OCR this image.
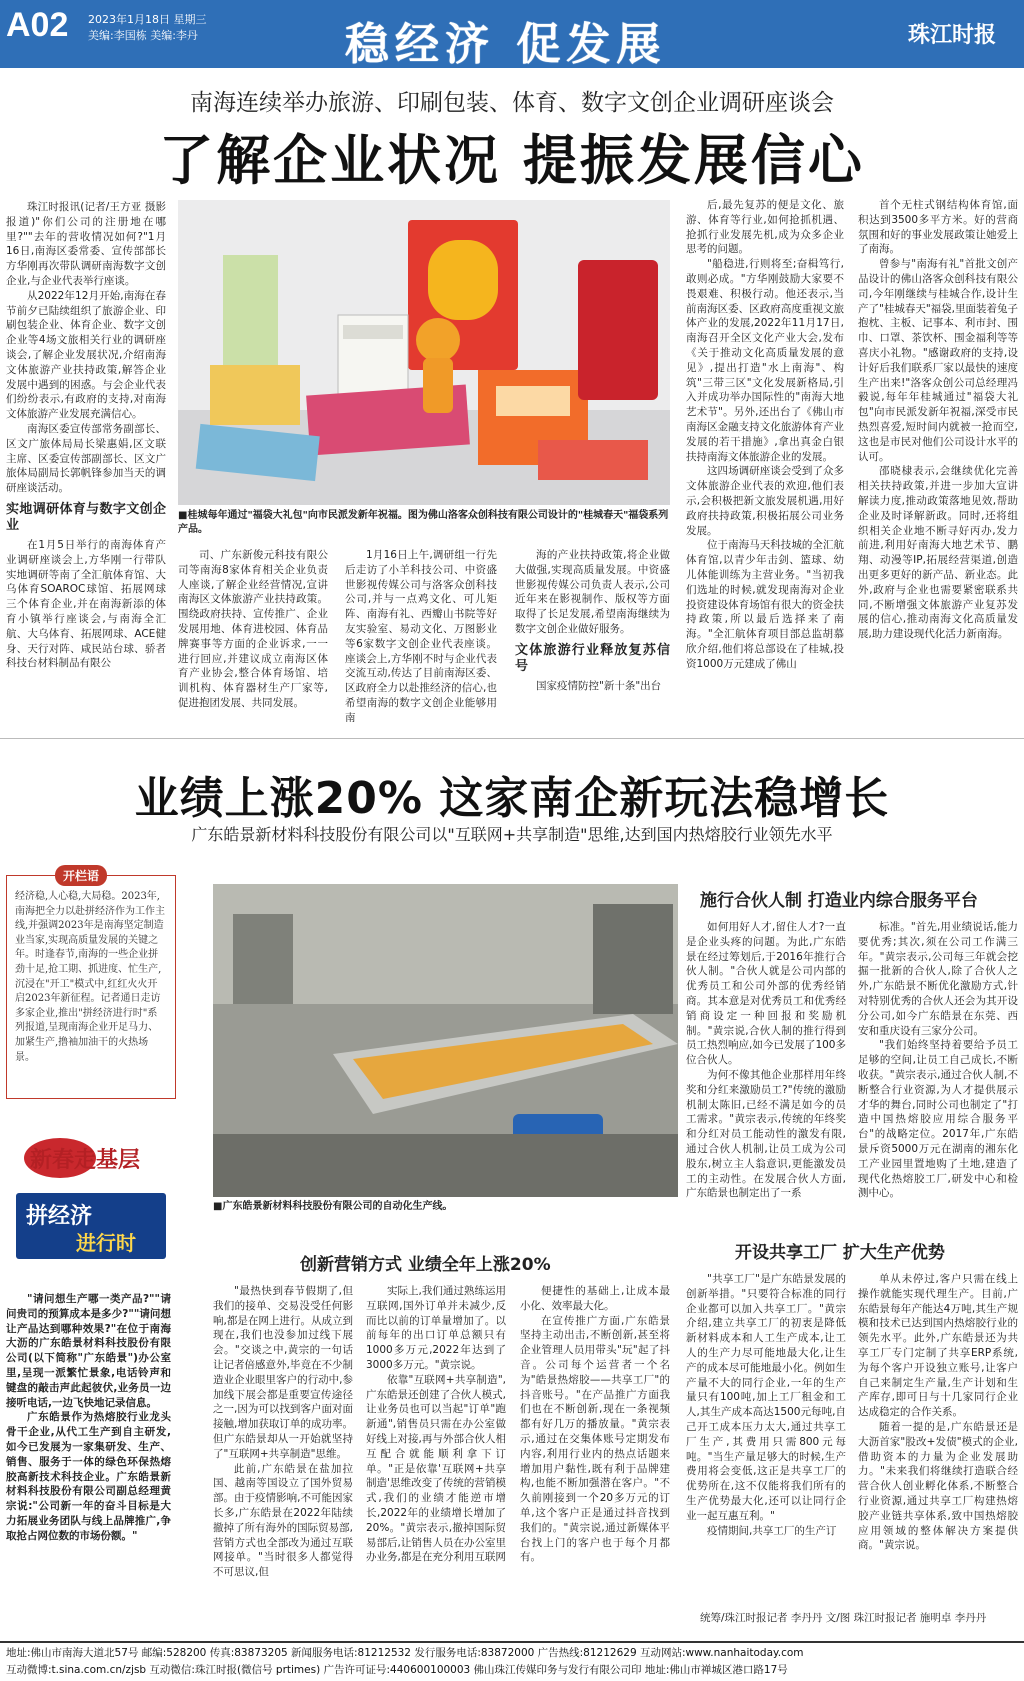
A02 2023年1月18日 星期三
美编:李国栋 美编:李丹	稳经济 促发展	珠江时报
南海连续举办旅游、印刷包装、体育、数字文创企业调研座谈会
了解企业状况 提振发展信心

珠江时报讯(记者/王方亚 摄影报道)"你们公司的注册地在哪里?""去年的营收情况如何?"1月16日,南海区委常委、宣传部部长方华刚再次带队调研南海数字文创企业,与企业代表举行座谈。

从2022年12月开始,南海在春节前夕已陆续组织了旅游企业、印刷包装企业、体育企业、数字文创企业等4场文旅相关行业的调研座谈会,了解企业发展状况,介绍南海文体旅游产业扶持政策,解答企业发展中遇到的困惑。与会企业代表们纷纷表示,有政府的支持,对南海文体旅游产业发展充满信心。

南海区委宣传部常务副部长、区文广旅体局局长梁惠娟,区文联主席、区委宣传部副部长、区文广旅体局副局长郭帆锋参加当天的调研座谈活动。

实地调研体育与数字文创企业

在1月5日举行的南海体育产业调研座谈会上,方华刚一行带队实地调研等南了全汇航体育馆、大乌体育SOAROC球馆、拓展网球三个体育企业,并在南海新添的体育小镇举行座谈会,与南海全汇航、大乌体育、拓展网球、ACE健身、天行对阵、咸民站台球、骄者科技台材料制品有限公

■桂城每年通过"福袋大礼包"向市民派发新年祝福。图为佛山洛客众创科技有限公司设计的"桂城春天"福袋系列产品。

司、广东新俊元科技有限公司等南海8家体育相关企业负责人座谈,了解企业经营情况,宣讲南海区文体旅游产业扶持政策。围绕政府扶持、宣传推广、企业发展用地、体育进校园、体育品牌赛事等方面的企业诉求,一一进行回应,并建议成立南海区体育产业协会,整合体育场馆、培训机构、体育器材生产厂家等,促进抱团发展、共同发展。

1月16日上午,调研组一行先后走访了小羊科技公司、中资盛世影视传媒公司与洛客众创科技公司,并与一点鸡文化、可儿矩阵、南海有礼、西瓣山书院等好友实验室、易动文化、万图影业等6家数字文创企业代表座谈。座谈会上,方华刚不时与企业代表交流互动,传达了目前南海区委、区政府全力以赴推经济的信心,也希望南海的数字文创企业能够用南

海的产业扶持政策,将企业做大做强,实现高质量发展。中资盛世影视传媒公司负责人表示,公司近年来在影视制作、版权等方面取得了长足发展,希望南海继续为数字文创企业做好服务。

文体旅游行业释放复苏信号

国家疫情防控"新十条"出台

后,最先复苏的便是文化、旅游、体育等行业,如何抢抓机遇、抢抓行业发展先机,成为众多企业思考的问题。

"船稳进,行则将至;奋楫笃行,敢则必成。"方华刚鼓励大家要不畏艰难、积极行动。他还表示,当前南海区委、区政府高度重视文旅体产业的发展,2022年11月17日,南海召开全区文化产业大会,发布《关于推动文化高质量发展的意见》,提出打造"水上南海"、构筑"三带三区"文化发展新格局,引入并成功举办国际性的"南海大地艺术节"。另外,还出台了《佛山市南海区金融支持文化旅游体育产业发展的若干措施》,拿出真金白银扶持南海文体旅游企业的发展。

这四场调研座谈会受到了众多文体旅游企业代表的欢迎,他们表示,会积极把新文旅发展机遇,用好政府扶持政策,积极拓展公司业务发展。

位于南海马天科技城的全汇航体育馆,以青少年击剑、篮球、幼儿体能训练为主营业务。"当初我们选址的时候,就发现南海对企业投资建设体育场馆有很大的资金扶持政策,所以最后选择来了南海。"全汇航体育项目部总监胡慕欣介绍,他们将总部设在了桂城,投资1000万元建成了佛山

首个无柱式钢结构体育馆,面积达到3500多平方米。好的营商氛围和好的事业发展政策让她爱上了南海。

曾参与"南海有礼"首批文创产品设计的佛山洛客众创科技有限公司,今年刚继续与桂城合作,设计生产了"桂城春天"福袋,里面装着兔子抱枕、主板、记事本、利市封、围巾、口罩、茶饮杯、围金福利等等喜庆小礼物。"感谢政府的支持,设计好后我们联系厂家以最快的速度生产出来!"洛客众创公司总经理冯毅说,每年年桂城通过"福袋大礼包"向市民派发新年祝福,深受市民热烈喜爱,短时间内就被一抢而空,这也是市民对他们公司设计水平的认可。

邵晓棣表示,会继续优化完善相关扶持政策,并进一步加大宣讲解读力度,推动政策落地见效,帮助企业及时译解新政。同时,还将组织相关企业地不断寻好丙办,发力前进,利用好南海大地艺术节、鹏翔、动漫等IP,拓展经营渠道,创造出更多更好的新产品、新业态。此外,政府与企业也需要紧密联系共同,不断增强文体旅游产业复苏发展的信心,推动南海文化高质量发展,助力建设现代化活力新南海。

业绩上涨20% 这家南企新玩法稳增长
广东皓景新材料科技股份有限公司以"互联网+共享制造"思维,达到国内热熔胶行业领先水平
开栏语
经济稳,人心稳,大局稳。2023年,南海把全力以赴拼经济作为工作主线,并强调2023年是南海坚定制造业当家,实现高质量发展的关键之年。时逢春节,南海的一些企业拼劲十足,抢工期、抓进度、忙生产,沉浸在"开工"模式中,红红火火开启2023年新征程。记者通日走访多家企业,推出"拼经济进行时"系列报道,呈现南海企业开足马力、加紧生产,撸袖加油干的火热场景。
新春走基层
拼经济
进行时

"请问想生产哪一类产品?""请问贵司的预算成本是多少?""请问想让产品达到哪种效果?"在位于南海大沥的广东皓景材料科技股份有限公司(以下简称"广东皓景")办公室里,呈现一派繁忙景象,电话铃声和键盘的敲击声此起彼伏,业务员一边接听电话,一边飞快地记录信息。

广东皓景作为热熔胶行业龙头骨干企业,从代工生产到自主研发,如今已发展为一家集研发、生产、销售、服务于一体的绿色环保热熔胶高新技术科技企业。广东皓景新材料科技股份有限公司副总经理黄宗说:"公司新一年的奋斗目标是大力拓展业务团队与线上品牌推广,争取抢占网位数的市场份额。"

■广东皓景新材料科技股份有限公司的自动化生产线。
创新营销方式 业绩全年上涨20%

"最热快到春节假期了,但我们的接单、交易没受任何影响,都是在网上进行。从成立到现在,我们也没参加过线下展会。"交谈之中,黄宗的一句话让记者倍感意外,毕竟在不少制造业企业眼里客户的行动中,参加线下展会都是重要宣传途径之一,因为可以找到客户面对面接触,增加获取订单的成功率。但广东皓景却从一开始就坚持了"互联网+共享制造"思维。

此前,广东皓景在盐加拉国、越南等国设立了国外贸易部。由于疫情影响,不可能因家长多,广东皓景在2022年陆续撤掉了所有海外的国际贸易部,营销方式也全部改为通过互联网接单。"当时很多人都觉得不可思议,但

实际上,我们通过熟练运用互联网,国外订单并未减少,反而比以前的订单量增加了。以前每年的出口订单总额只有1000多万元,2022年达到了3000多万元。"黄宗说。

依靠"互联网+共享制造",广东皓景还创建了合伙人模式,让业务员也可以当起"订单"跑新通",销售员只需在办公室做好线上对接,再与外部合伙人相互配合就能顺利拿下订单。"正是依靠'互联网+共享制造'思维改变了传统的营销模式,我们的业绩才能逆市增长,2022年的业绩增长增加了20%。"黄宗表示,撤掉国际贸易部后,让销售人员在办公室里办业务,都是在充分利用互联网

便捷性的基础上,让成本最小化、效率最大化。

在宣传推广方面,广东皓景坚持主动出击,不断创新,甚至将企业管理人员用带头"玩"起了抖音。公司每个运营者一个名为"皓景热熔胶——共享工厂"的抖音账号。"在产品推广方面我们也在不断创新,现在一条视频都有好几万的播放量。"黄宗表示,通过在交集体账号定期发布内容,利用行业内的热点话题来增加用户黏性,既有利于品牌建构,也能不断加强潜在客户。"不久前刚接到一个20多万元的订单,这个客户正是通过抖音找到我们的。"黄宗说,通过新媒体平台找上门的客户也于每个月都有。

施行合伙人制 打造业内综合服务平台

如何用好人才,留住人才?一直是企业头疼的问题。为此,广东皓景在经过筹划后,于2016年推行合伙人制。"合伙人就是公司内部的优秀员工和公司外部的优秀经销商。其本意是对优秀员工和优秀经销商设定一种回报和奖励机制。"黄宗说,合伙人制的推行得到员工热烈响应,如今已发展了100多位合伙人。

为何不像其他企业那样用年终奖和分红来激励员工?"传统的激励机制太陈旧,已经不满足如今的员工需求。"黄宗表示,传统的年终奖和分红对员工能动性的激发有限,通过合伙人机制,让员工成为公司股东,树立主人翁意识,更能激发员工的主动性。在发展合伙人方面,广东皓景也制定出了一系

标准。"首先,用业绩说话,能力要优秀;其次,须在公司工作满三年。"黄宗表示,公司每三年就会挖掘一批新的合伙人,除了合伙人之外,广东皓景不断优化激励方式,针对特别优秀的合伙人还会为其开设分公司,如今广东皓景在东莞、西安和重庆设有三家分公司。

"我们始终坚持着要给予员工足够的空间,让员工自己成长,不断收获。"黄宗表示,通过合伙人制,不断整合行业资源,为人才提供展示才华的舞台,同时公司也制定了"打造中国热熔胶应用综合服务平台"的战略定位。2017年,广东皓景斥资5000万元在湖南的湘东化工产业园里置地购了土地,建造了现代化热熔胶工厂,研发中心和检测中心。

开设共享工厂 扩大生产优势

"共享工厂"是广东皓景发展的创新举措。"只要符合标准的同行企业都可以加入共享工厂。"黄宗介绍,建立共享工厂的初衷是降低新材料成本和人工生产成本,让工人的生产力尽可能地最大化,让生产的成本尽可能地最小化。例如生产量不大的同行企业,一年的生产量只有100吨,加上工厂租金和工人,其生产成本高达1500元每吨,自己开工成本压力太大,通过共享工厂生产,其费用只需800元每吨。"当生产量足够大的时候,生产费用将会变低,这正是共享工厂的优势所在,这不仅能将我们所有的生产优势最大化,还可以让同行企业一起互惠互利。"

疫情期间,共享工厂的生产订

单从未停过,客户只需在线上操作就能实现代理生产。目前,广东皓景每年产能达4万吨,其生产规模和技术已达到国内热熔胶行业的领先水平。此外,广东皓景还为共享工厂专门定制了共享ERP系统,为每个客户开设独立账号,让客户自己来制定生产量,生产计划和生产库存,即可日与十几家同行企业达成稳定的合作关系。

随着一提的是,广东皓景还是大沥首家"股改+发债"模式的企业,借助资本的力量为企业发展助力。"未来我们将继续打造联合经营合伙人创业孵化体系,不断整合行业资源,通过共享工厂构建热熔胶产业链共享体系,致中国热熔胶应用领域的整体解决方案提供商。"黄宗说。

统筹/珠江时报记者 李丹丹 文/图 珠江时报记者 施明卓 李丹丹
地址:佛山市南海大道北57号 邮编:528200 传真:83873205 新闻服务电话:81212532 发行服务电话:83872000 广告热线:81212629 互动网站:www.nanhaitoday.com
互动微博:t.sina.com.cn/zjsb 互动微信:珠江时报(微信号 prtimes) 广告许可证号:440600100003 佛山珠江传媒印务与发行有限公司印 地址:佛山市禅城区港口路17号
